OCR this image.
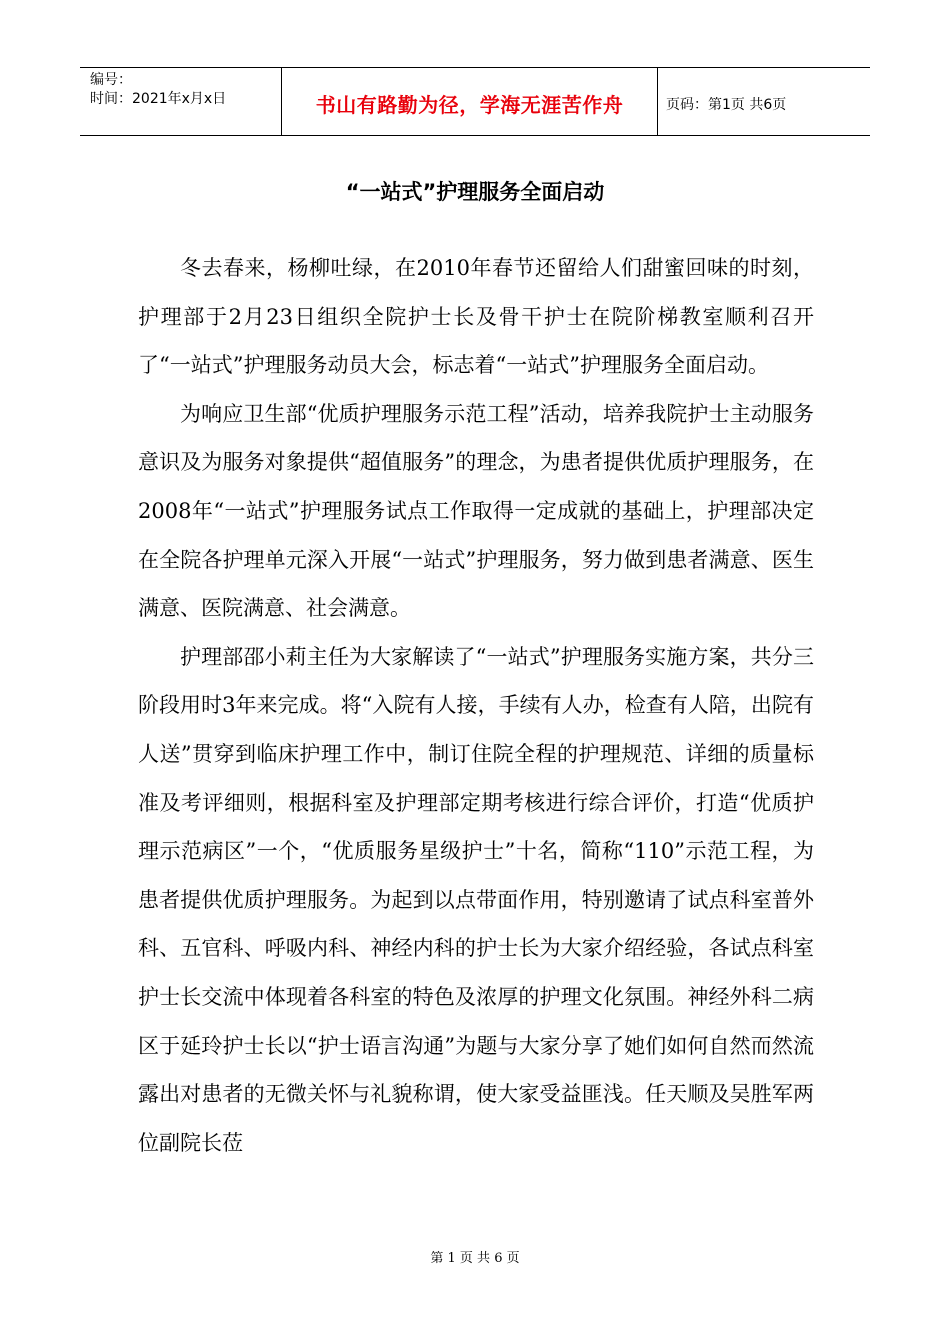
编号：
时间：2021年x月x日	书山有路勤为径，学海无涯苦作舟	页码：第1页 共6页
“一站式”护理服务全面启动

冬去春来，杨柳吐绿，在2010年春节还留给人们甜蜜回味的时刻，护理部于2月23日组织全院护士长及骨干护士在院阶梯教室顺利召开了“一站式”护理服务动员大会，标志着“一站式”护理服务全面启动。

为响应卫生部“优质护理服务示范工程”活动，培养我院护士主动服务意识及为服务对象提供“超值服务”的理念，为患者提供优质护理服务，在2008年“一站式”护理服务试点工作取得一定成就的基础上，护理部决定在全院各护理单元深入开展“一站式”护理服务，努力做到患者满意、医生满意、医院满意、社会满意。

护理部邵小莉主任为大家解读了“一站式”护理服务实施方案，共分三阶段用时3年来完成。将“入院有人接，手续有人办，检查有人陪，出院有人送”贯穿到临床护理工作中，制订住院全程的护理规范、详细的质量标准及考评细则，根据科室及护理部定期考核进行综合评价，打造“优质护理示范病区”一个，“优质服务星级护士”十名，简称“110”示范工程，为患者提供优质护理服务。为起到以点带面作用，特别邀请了试点科室普外科、五官科、呼吸内科、神经内科的护士长为大家介绍经验，各试点科室护士长交流中体现着各科室的特色及浓厚的护理文化氛围。神经外科二病区于延玲护士长以“护士语言沟通”为题与大家分享了她们如何自然而然流露出对患者的无微关怀与礼貌称谓，使大家受益匪浅。任天顺及吴胜军两位副院长莅

第 1 页 共 6 页
